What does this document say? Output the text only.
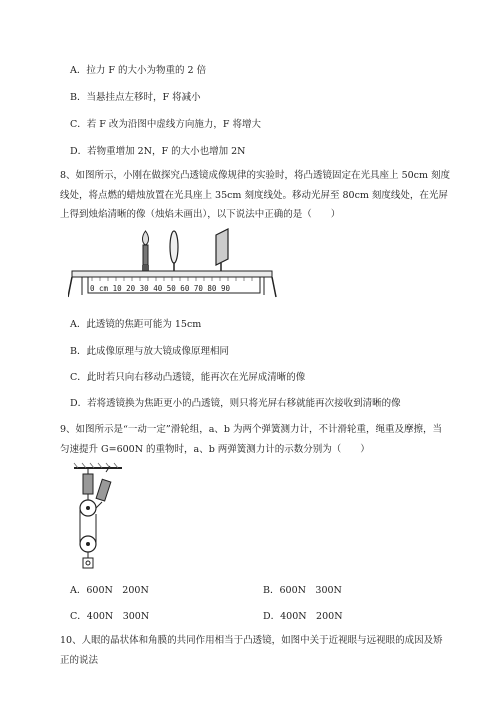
A．拉力 F 的大小为物重的 2 倍
B．当悬挂点左移时，F 将减小
C．若 F 改为沿图中虚线方向施力，F 将增大
D．若物重增加 2N，F 的大小也增加 2N
8、如图所示，小刚在做探究凸透镜成像规律的实验时，将凸透镜固定在光具座上 50cm 刻度线处，将点燃的蜡烛放置在光具座上 35cm 刻度线处。移动光屏至 80cm 刻度线处，在光屏上得到烛焰清晰的像（烛焰未画出），以下说法中正确的是（　　）
0 cm 10 20 30 40 50 60 70 80 90
A．此透镜的焦距可能为 15cm
B．此成像原理与放大镜成像原理相同
C．此时若只向右移动凸透镜，能再次在光屏成清晰的像
D．若将透镜换为焦距更小的凸透镜，则只将光屏右移就能再次接收到清晰的像
9、如图所示是“一动一定”滑轮组，a、b 为两个弹簧测力计，不计滑轮重，绳重及摩擦，当匀速提升 G=600N 的重物时，a、b 两弹簧测力计的示数分别为（　　）
A．600N　200N	B．600N　300N
C．400N　300N	D．400N　200N
10、人眼的晶状体和角膜的共同作用相当于凸透镜，如图中关于近视眼与远视眼的成因及矫正的说法
